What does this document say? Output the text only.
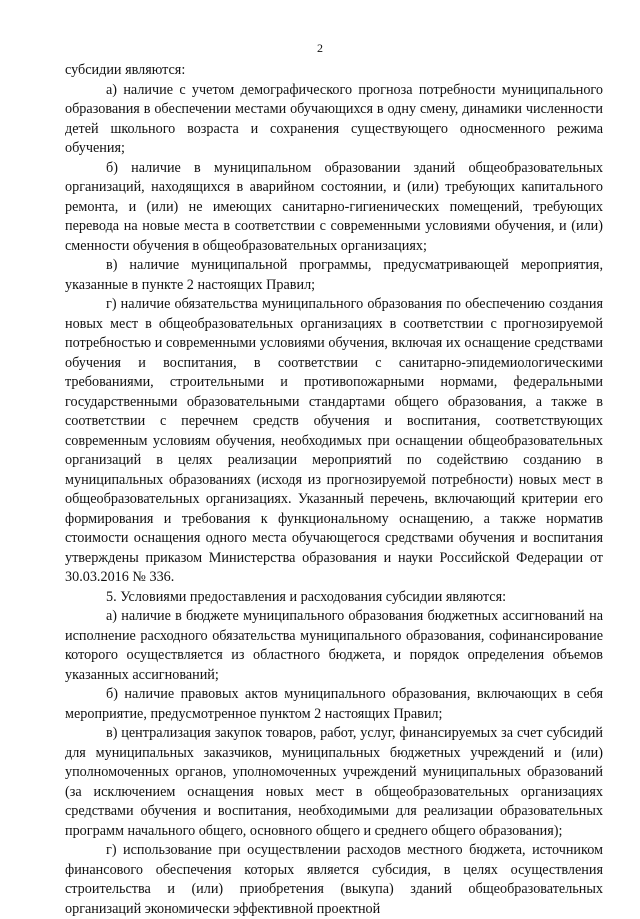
2

субсидии являются:

а) наличие с учетом демографического прогноза потребности муниципального образования в обеспечении местами обучающихся в одну смену, динамики численности детей школьного возраста и сохранения существующего односменного режима обучения;

б) наличие в муниципальном образовании зданий общеобразовательных организаций, находящихся в аварийном состоянии, и (или) требующих капитального ремонта, и (или) не имеющих санитарно-гигиенических помещений, требующих перевода на новые места в соответствии с современными условиями обучения, и (или) сменности обучения в общеобразовательных организациях;

в) наличие муниципальной программы, предусматривающей мероприятия, указанные в пункте 2 настоящих Правил;

г) наличие обязательства муниципального образования по обеспечению создания новых мест в общеобразовательных организациях в соответствии с прогнозируемой потребностью и современными условиями обучения, включая их оснащение средствами обучения и воспитания, в соответствии с санитарно-эпидемиологическими требованиями, строительными и противопожарными нормами, федеральными государственными образовательными стандартами общего образования, а также в соответствии с перечнем средств обучения и воспитания, соответствующих современным условиям обучения, необходимых при оснащении общеобразовательных организаций в целях реализации мероприятий по содействию созданию в муниципальных образованиях (исходя из прогнозируемой потребности) новых мест в общеобразовательных организациях. Указанный перечень, включающий критерии его формирования и требования к функциональному оснащению, а также норматив стоимости оснащения одного места обучающегося средствами обучения и воспитания утверждены приказом Министерства образования и науки Российской Федерации от 30.03.2016 № 336.

5. Условиями предоставления и расходования субсидии являются:

а) наличие в бюджете муниципального образования бюджетных ассигнований на исполнение расходного обязательства муниципального образования, софинансирование которого осуществляется из областного бюджета, и порядок определения объемов указанных ассигнований;

б) наличие правовых актов муниципального образования, включающих в себя мероприятие, предусмотренное пунктом 2 настоящих Правил;

в) централизация закупок товаров, работ, услуг, финансируемых за счет субсидий для муниципальных заказчиков, муниципальных бюджетных учреждений и (или) уполномоченных органов, уполномоченных учреждений муниципальных образований (за исключением оснащения новых мест в общеобразовательных организациях средствами обучения и воспитания, необходимыми для реализации образовательных программ начального общего, основного общего и среднего общего образования);

г) использование при осуществлении расходов местного бюджета, источником финансового обеспечения которых является субсидия, в целях осуществления строительства и (или) приобретения (выкупа) зданий общеобразовательных организаций экономически эффективной проектной
